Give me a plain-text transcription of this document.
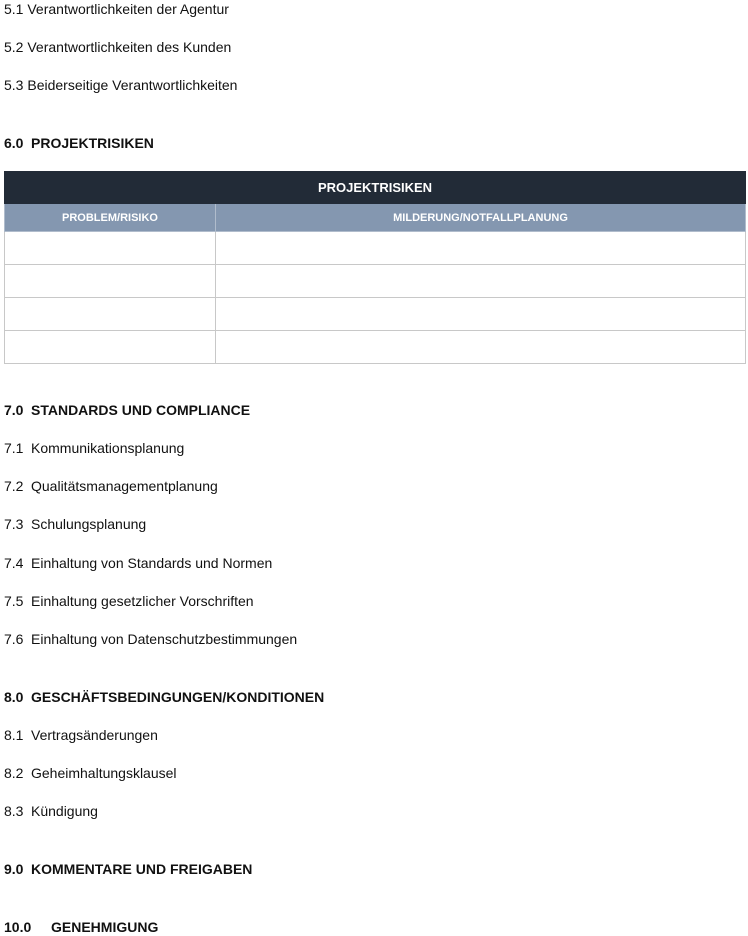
5.1 Verantwortlichkeiten der Agentur
5.2 Verantwortlichkeiten des Kunden
5.3 Beiderseitige Verantwortlichkeiten
6.0 PROJEKTRISIKEN
PROJEKTRISIKEN	
PROBLEM/RISIKO	MILDERUNG/NOTFALLPLANUNG

7.0 STANDARDS UND COMPLIANCE
7.1 Kommunikationsplanung
7.2 Qualitätsmanagementplanung
7.3 Schulungsplanung
7.4 Einhaltung von Standards und Normen
7.5 Einhaltung gesetzlicher Vorschriften
7.6 Einhaltung von Datenschutzbestimmungen
8.0 GESCHÄFTSBEDINGUNGEN/KONDITIONEN
8.1 Vertragsänderungen
8.2 Geheimhaltungsklausel
8.3 Kündigung
9.0 KOMMENTARE UND FREIGABEN
10.0 GENEHMIGUNG
